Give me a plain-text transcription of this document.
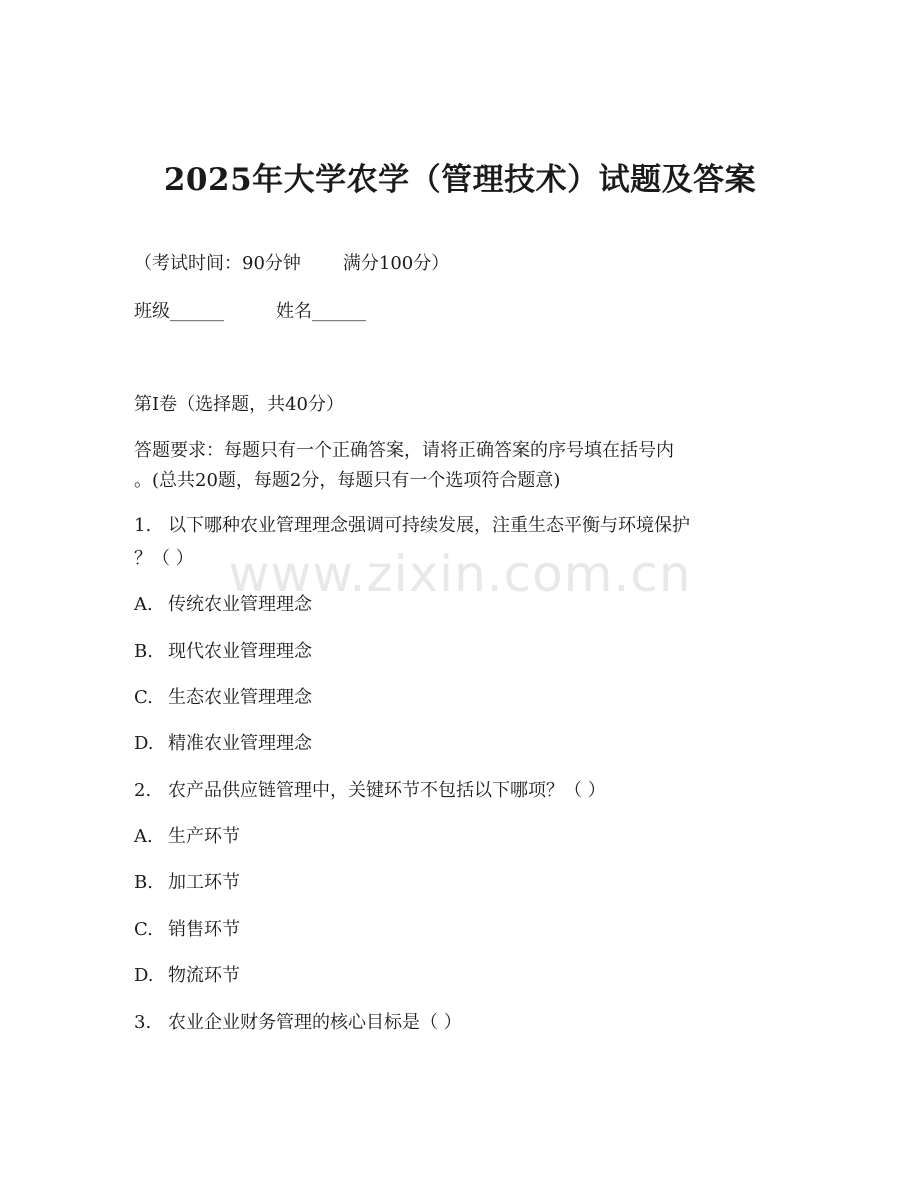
2025年大学农学（管理技术）试题及答案
（考试时间：90分钟 满分100分）
班级______	姓名______
第I卷（选择题，共40分）
答题要求：每题只有一个正确答案，请将正确答案的序号填在括号内
。(总共20题，每题2分，每题只有一个选项符合题意)
1. 以下哪种农业管理理念强调可持续发展，注重生态平衡与环境保护
？（ ）
A. 传统农业管理理念
B. 现代农业管理理念
C. 生态农业管理理念
D. 精准农业管理理念
2. 农产品供应链管理中，关键环节不包括以下哪项？（ ）
A. 生产环节
B. 加工环节
C. 销售环节
D. 物流环节
3. 农业企业财务管理的核心目标是（ ）
www.zixin.com.cn
